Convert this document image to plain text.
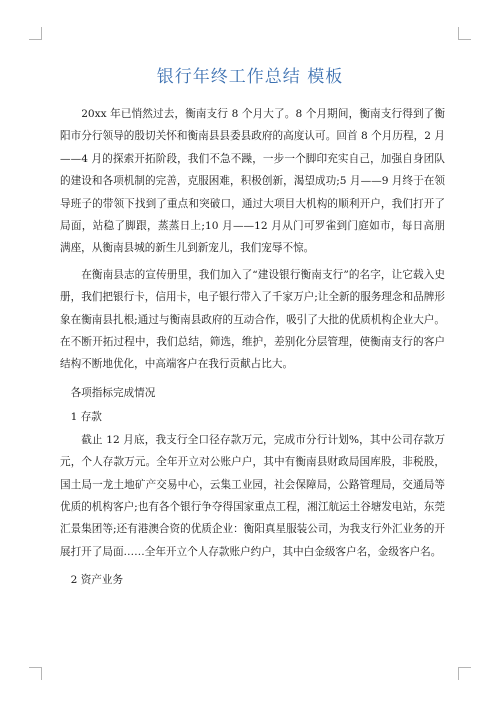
银行年终工作总结 模板

20xx 年已悄然过去，衡南支行 8 个月大了。8 个月期间，衡南支行得到了衡阳市分行领导的殷切关怀和衡南县县委县政府的高度认可。回首 8 个月历程，2 月——4 月的探索开拓阶段，我们不急不躁，一步一个脚印充实自己，加强自身团队的建设和各项机制的完善，克服困难，积极创新，渴望成功;5 月——9 月终于在领导班子的带领下找到了重点和突破口，通过大项目大机构的顺利开户，我们打开了局面，站稳了脚跟，蒸蒸日上;10 月——12 月从门可罗雀到门庭如市，每日高朋满座，从衡南县城的新生儿到新宠儿，我们宠辱不惊。

在衡南县志的宣传册里，我们加入了“建设银行衡南支行”的名字，让它载入史册，我们把银行卡，信用卡，电子银行带入了千家万户;让全新的服务理念和品牌形象在衡南县扎根;通过与衡南县政府的互动合作，吸引了大批的优质机构企业大户。在不断开拓过程中，我们总结，筛选，维护，差别化分层管理，使衡南支行的客户结构不断地优化，中高端客户在我行贡献占比大。

各项指标完成情况

1 存款

截止 12 月底，我支行全口径存款万元，完成市分行计划%，其中公司存款万元，个人存款万元。全年开立对公账户户，其中有衡南县财政局国库股，非税股，国土局一龙土地矿产交易中心，云集工业园，社会保障局，公路管理局，交通局等优质的机构客户;也有各个银行争夺得国家重点工程，湘江航运土谷塘发电站，东莞汇景集团等;还有港澳合资的优质企业：衡阳真星服装公司，为我支行外汇业务的开展打开了局面……全年开立个人存款账户约户，其中白金级客户名，金级客户名。

2 资产业务
